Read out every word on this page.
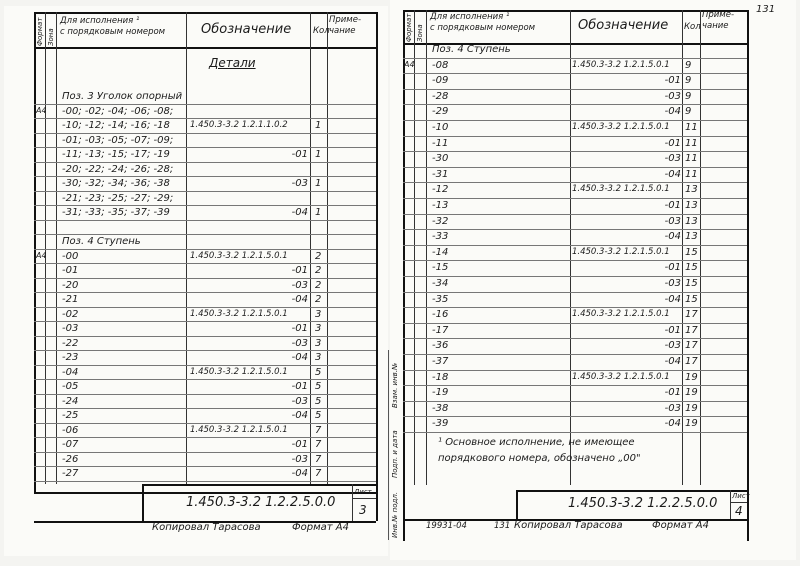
Формат Зона
Для исполнения ¹
с порядковым номером	Обозначение	Кол
Приме-
чание
Детали
Поз. 3 Уголок опорный
А4 -00; -02; -04; -06; -08;
-10; -12; -14; -16; -18 1.450.3-3.2 1.2.1.1.0.2	1
-01; -03; -05; -07; -09;
-11; -13; -15; -17; -19	-01 1
-20; -22; -24; -26; -28;
-30; -32; -34; -36; -38	-03 1
-21; -23; -25; -27; -29;
-31; -33; -35; -37; -39	-04 1
Поз. 4 Ступень
А4 -00	1.450.3-3.2 1.2.1.5.0.1	2
-01	-01 2
-20	-03 2
-21	-04 2
-02	1.450.3-3.2 1.2.1.5.0.1	3
-03	-01 3
-22	-03 3
-23	-04 3
-04	1.450.3-3.2 1.2.1.5.0.1	5
-05	-01 5
-24	-03 5
-25	-04 5
-06	1.450.3-3.2 1.2.1.5.0.1	7
-07	-01 7
-26	-03 7
-27	-04 7
1.450.3-3.2 1.2.2.5.0.0
Лист
3
Копировал Тарасова	Формат А4
131
Формат Зона
Для исполнения ¹
с порядковым номером	Обозначение Кол
Приме-
чание
Поз. 4 Ступень
А4 -08	1.450.3-3.2 1.2.1.5.0.1 9
-09	-01 9
-28	-03 9
-29	-04 9
-10	1.450.3-3.2 1.2.1.5.0.1 11
-11	-01 11
-30	-03 11
-31	-04 11
-12	1.450.3-3.2 1.2.1.5.0.1 13
-13	-01 13
-32	-03 13
-33	-04 13
-14	1.450.3-3.2 1.2.1.5.0.1 15
-15	-01 15
-34	-03 15
-35	-04 15
-16	1.450.3-3.2 1.2.1.5.0.1 17
-17	-01 17
-36	-03 17
-37	-04 17
-18	1.450.3-3.2 1.2.1.5.0.1 19
-19	-01 19
-38	-03 19
-39	-04 19
Инв.№ подл.
Подп. и дата
Взам. инв.№
¹ Основное исполнение, не имеющее
порядкового номера, обозначено „00"
1.450.3-3.2 1.2.2.5.0.0 Лист
4
19931-04	131 Копировал Тарасова	Формат А4
